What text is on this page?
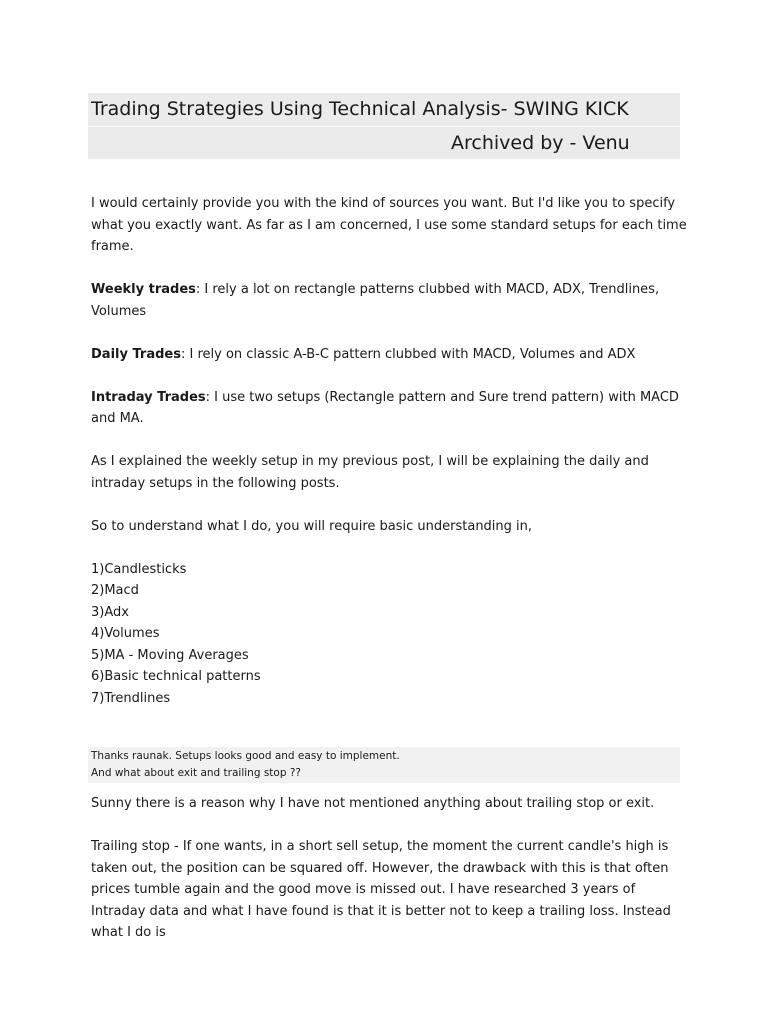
Trading Strategies Using Technical Analysis- SWING KICK
Archived by - Venu

I would certainly provide you with the kind of sources you want. But I'd like you to specify what you exactly want. As far as I am concerned, I use some standard setups for each time frame.

Weekly trades: I rely a lot on rectangle patterns clubbed with MACD, ADX, Trendlines, Volumes

Daily Trades: I rely on classic A-B-C pattern clubbed with MACD, Volumes and ADX

Intraday Trades: I use two setups (Rectangle pattern and Sure trend pattern) with MACD and MA.

As I explained the weekly setup in my previous post, I will be explaining the daily and intraday setups in the following posts.

So to understand what I do, you will require basic understanding in,

1)Candlesticks
2)Macd
3)Adx
4)Volumes
5)MA - Moving Averages
6)Basic technical patterns
7)Trendlines
Thanks raunak. Setups looks good and easy to implement.
And what about exit and trailing stop ??

Sunny there is a reason why I have not mentioned anything about trailing stop or exit.

Trailing stop - If one wants, in a short sell setup, the moment the current candle's high is taken out, the position can be squared off. However, the drawback with this is that often prices tumble again and the good move is missed out. I have researched 3 years of Intraday data and what I have found is that it is better not to keep a trailing loss. Instead what I do is
